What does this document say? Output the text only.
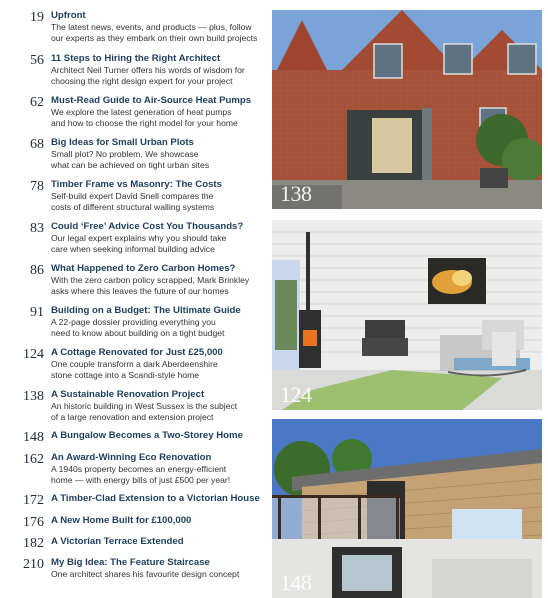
19 Upfront
The latest news, events, and products — plus, follow
our experts as they embark on their own build projects
56 11 Steps to Hiring the Right Architect
Architect Neil Turner offers his words of wisdom for
choosing the right design expert for your project
62 Must-Read Guide to Air-Source Heat Pumps
We explore the latest generation of heat pumps
and how to choose the right model for your home
68 Big Ideas for Small Urban Plots
Small plot? No problem. We showcase
what can be achieved on tight urban sites
78 Timber Frame vs Masonry: The Costs
Self-build expert David Snell compares the
costs of different structural walling systems
83 Could ‘Free’ Advice Cost You Thousands?
Our legal expert explains why you should take
care when seeking informal building advice
86 What Happened to Zero Carbon Homes?
With the zero carbon policy scrapped, Mark Brinkley
asks where this leaves the future of our homes
91 Building on a Budget: The Ultimate Guide
A 22-page dossier providing everything you
need to know about building on a tight budget
124 A Cottage Renovated for Just £25,000
One couple transform a dark Aberdeenshire
stone cottage into a Scandi-style home
138 A Sustainable Renovation Project
An historic building in West Sussex is the subject
of a large renovation and extension project
148 A Bungalow Becomes a Two-Storey Home
162 An Award-Winning Eco Renovation
A 1940s property becomes an energy-efficient
home — with energy bills of just £500 per year!
172 A Timber-Clad Extension to a Victorian House
176 A New Home Built for £100,000
182 A Victorian Terrace Extended
210 My Big Idea: The Feature Staircase
One architect shares his favourite design concept
138
124
148
